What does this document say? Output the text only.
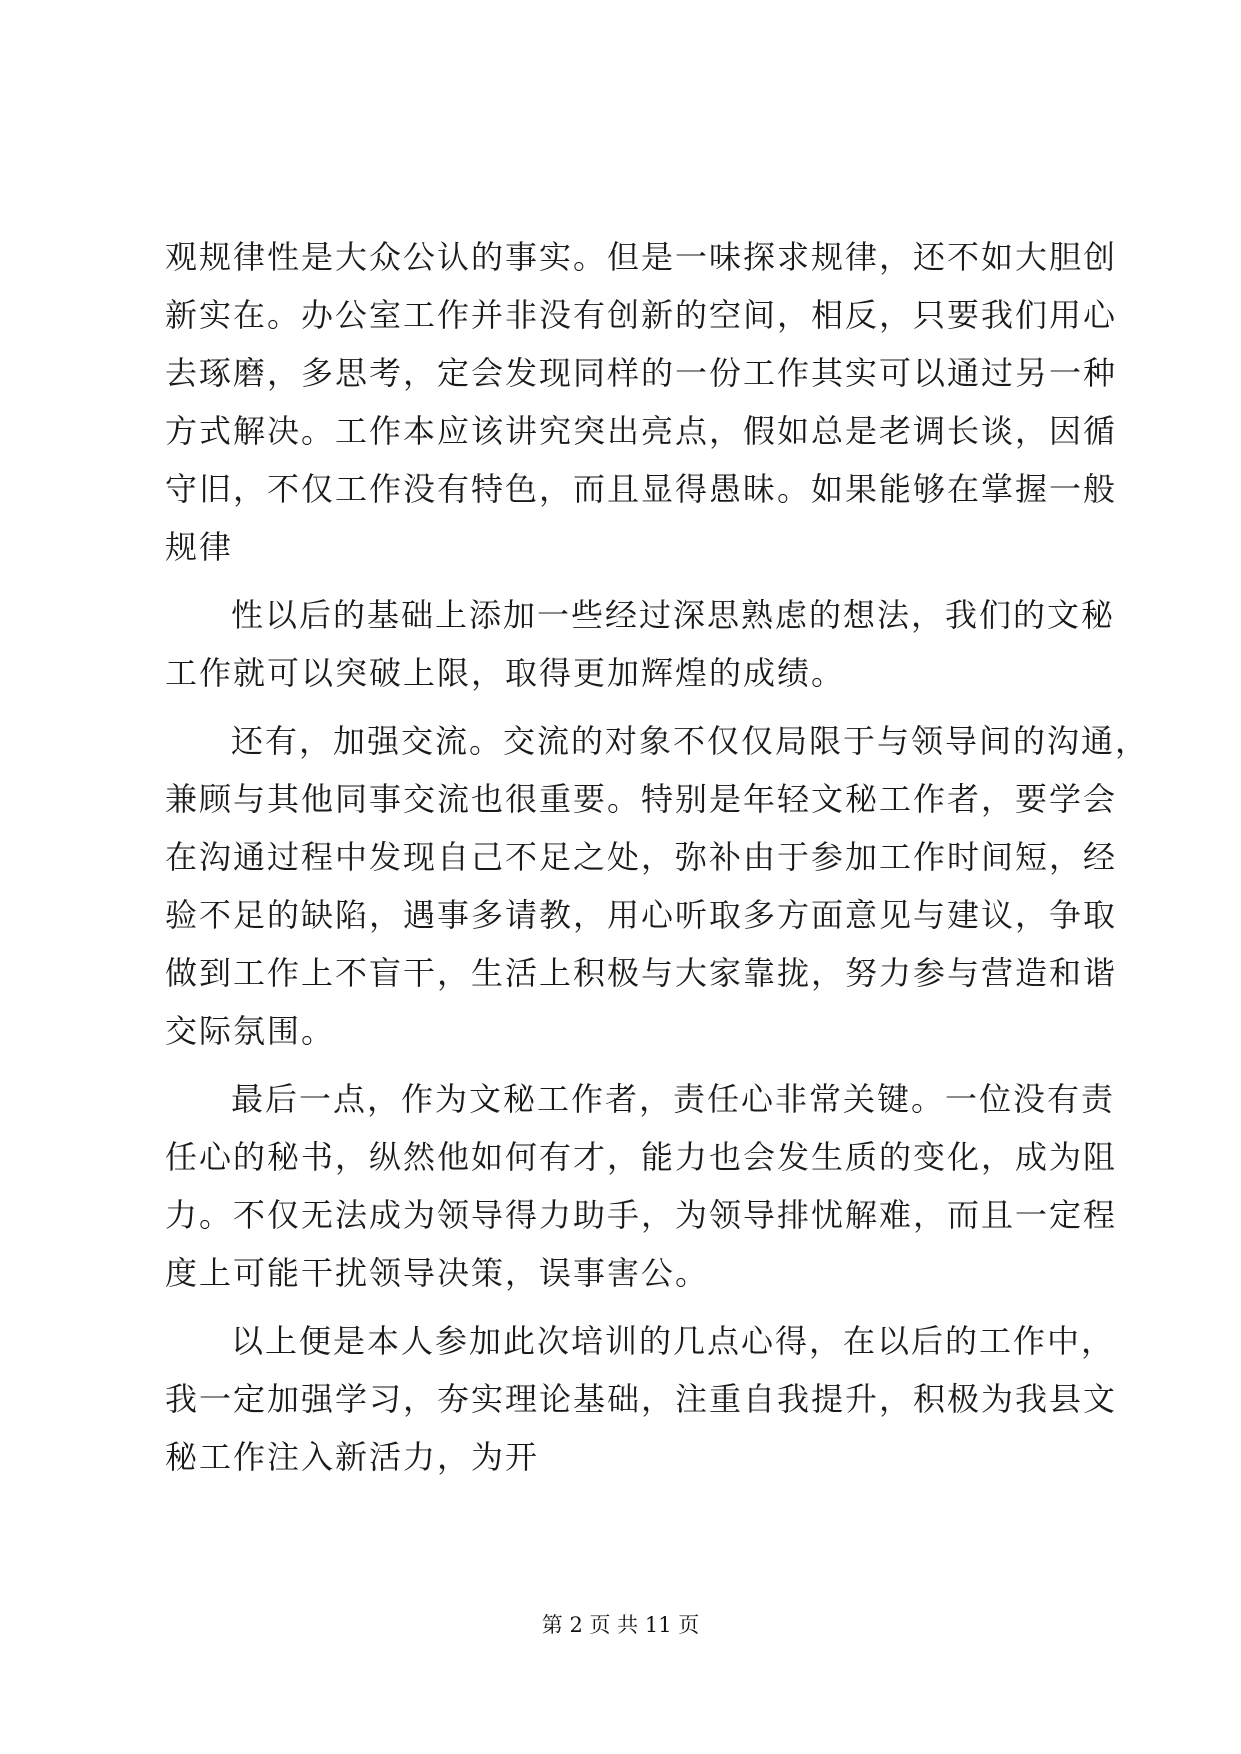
观规律性是大众公认的事实。但是一味探求规律，还不如大胆创
新实在。办公室工作并非没有创新的空间，相反，只要我们用心
去琢磨，多思考，定会发现同样的一份工作其实可以通过另一种
方式解决。工作本应该讲究突出亮点，假如总是老调长谈，因循
守旧，不仅工作没有特色，而且显得愚昧。如果能够在掌握一般
规律
性以后的基础上添加一些经过深思熟虑的想法，我们的文秘
工作就可以突破上限，取得更加辉煌的成绩。
还有，加强交流。交流的对象不仅仅局限于与领导间的沟通，
兼顾与其他同事交流也很重要。特别是年轻文秘工作者，要学会
在沟通过程中发现自己不足之处，弥补由于参加工作时间短，经
验不足的缺陷，遇事多请教，用心听取多方面意见与建议，争取
做到工作上不盲干，生活上积极与大家靠拢，努力参与营造和谐
交际氛围。
最后一点，作为文秘工作者，责任心非常关键。一位没有责
任心的秘书，纵然他如何有才，能力也会发生质的变化，成为阻
力。不仅无法成为领导得力助手，为领导排忧解难，而且一定程
度上可能干扰领导决策，误事害公。
以上便是本人参加此次培训的几点心得，在以后的工作中，
我一定加强学习，夯实理论基础，注重自我提升，积极为我县文
秘工作注入新活力，为开
第 2 页 共 11 页
